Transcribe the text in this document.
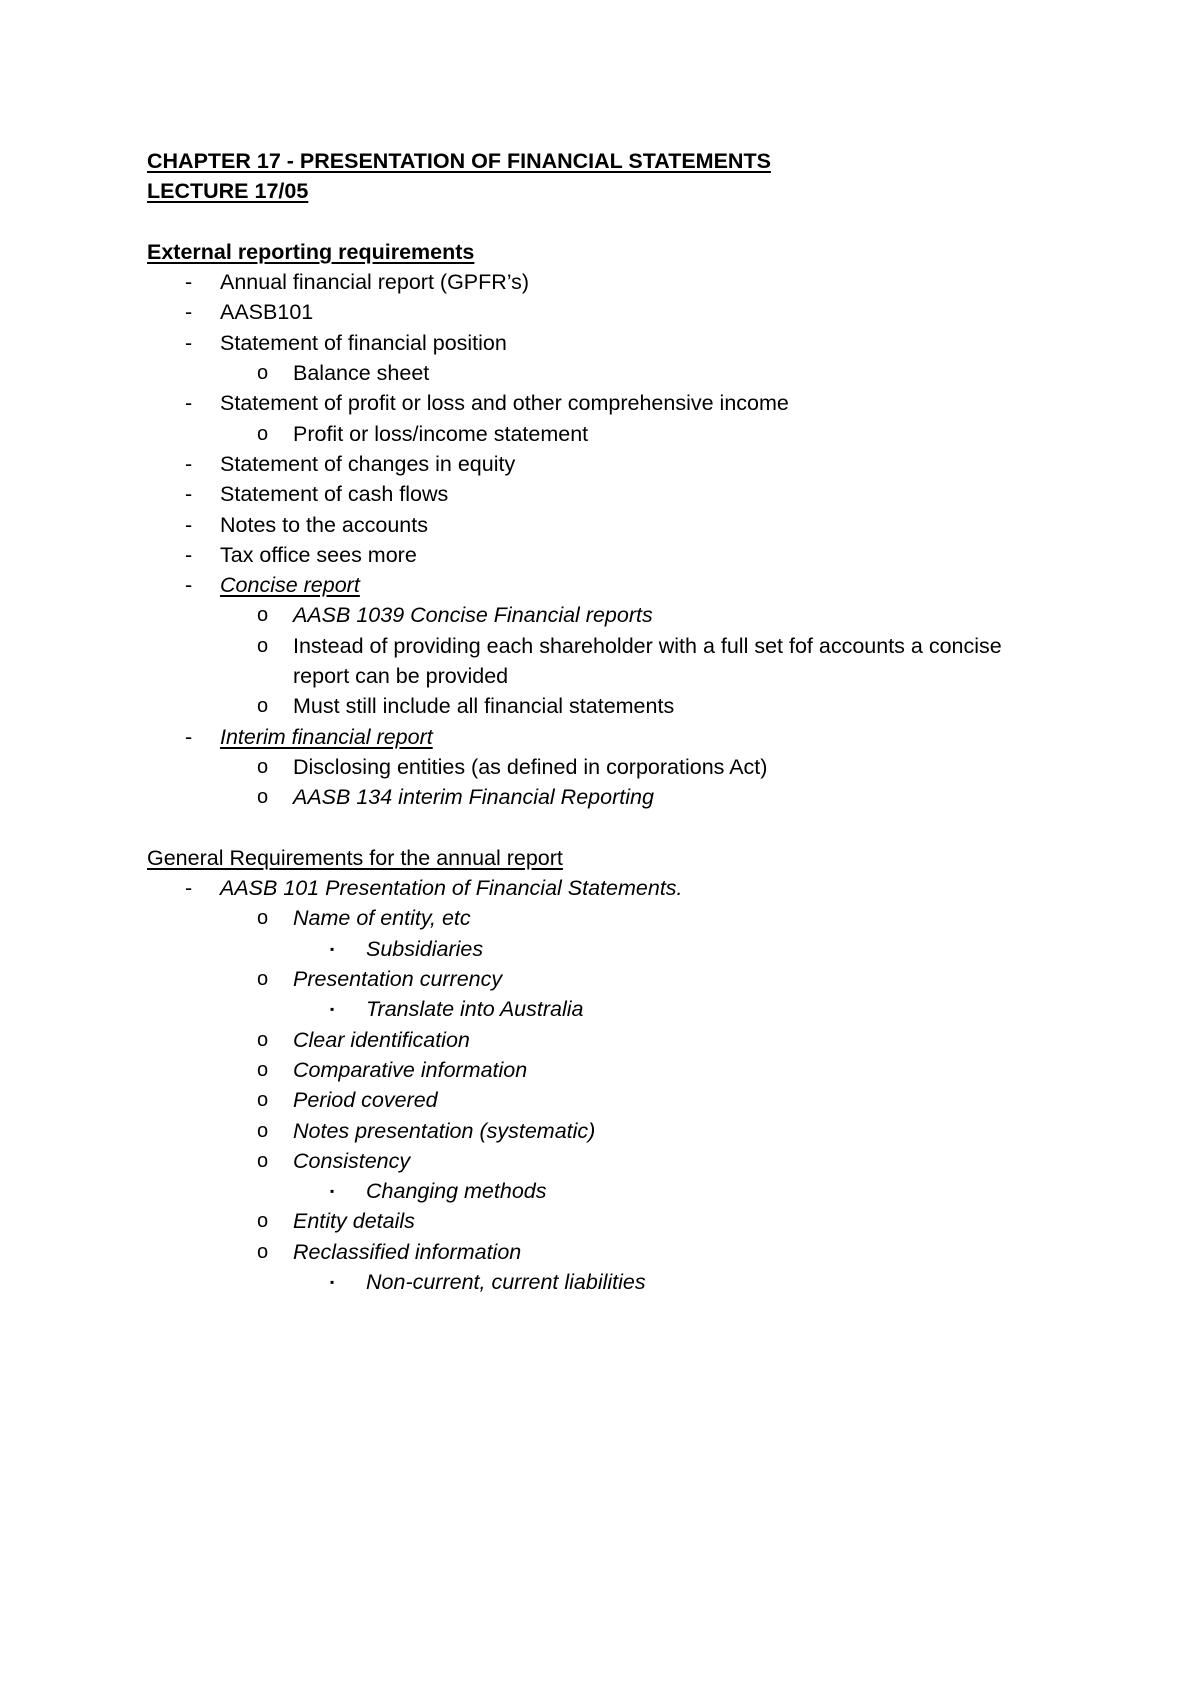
CHAPTER 17 - PRESENTATION OF FINANCIAL STATEMENTS
LECTURE 17/05
External reporting requirements
- Annual financial report (GPFR’s)
- AASB101
- Statement of financial position
o Balance sheet
- Statement of profit or loss and other comprehensive income
o Profit or loss/income statement
- Statement of changes in equity
- Statement of cash flows
- Notes to the accounts
- Tax office sees more
- Concise report
o AASB 1039 Concise Financial reports
o Instead of providing each shareholder with a full set fof accounts a concise report can be provided
o Must still include all financial statements
- Interim financial report
o Disclosing entities (as defined in corporations Act)
o AASB 134 interim Financial Reporting
General Requirements for the annual report
- AASB 101 Presentation of Financial Statements.
o Name of entity, etc
▪ Subsidiaries
o Presentation currency
▪ Translate into Australia
o Clear identification
o Comparative information
o Period covered
o Notes presentation (systematic)
o Consistency
▪ Changing methods
o Entity details
o Reclassified information
▪ Non-current, current liabilities
